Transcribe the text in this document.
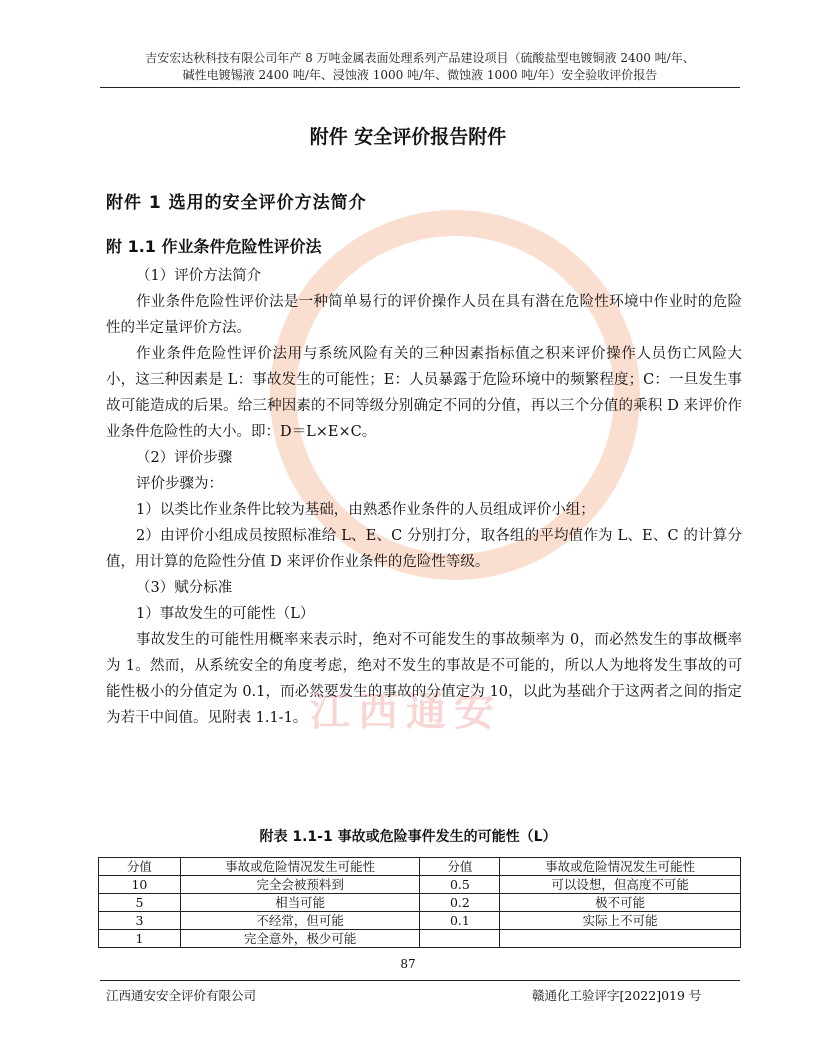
江西通安
吉安宏达秋科技有限公司年产 8 万吨金属表面处理系列产品建设项目（硫酸盐型电镀铜液 2400 吨/年、
碱性电镀锡液 2400 吨/年、浸蚀液 1000 吨/年、微蚀液 1000 吨/年）安全验收评价报告
附件 安全评价报告附件
附件 1 选用的安全评价方法简介
附 1.1 作业条件危险性评价法
（1）评价方法简介
作业条件危险性评价法是一种简单易行的评价操作人员在具有潜在危险性环境中作业时的危险性的半定量评价方法。
作业条件危险性评价法用与系统风险有关的三种因素指标值之积来评价操作人员伤亡风险大小，这三种因素是 L：事故发生的可能性；E：人员暴露于危险环境中的频繁程度；C：一旦发生事故可能造成的后果。给三种因素的不同等级分别确定不同的分值，再以三个分值的乘积 D 来评价作业条件危险性的大小。即：D＝L×E×C。
（2）评价步骤
评价步骤为：
1）以类比作业条件比较为基础，由熟悉作业条件的人员组成评价小组；
2）由评价小组成员按照标准给 L、E、C 分别打分，取各组的平均值作为 L、E、C 的计算分值，用计算的危险性分值 D 来评价作业条件的危险性等级。
（3）赋分标准
1）事故发生的可能性（L）
事故发生的可能性用概率来表示时，绝对不可能发生的事故频率为 0，而必然发生的事故概率为 1。然而，从系统安全的角度考虑，绝对不发生的事故是不可能的，所以人为地将发生事故的可能性极小的分值定为 0.1，而必然要发生的事故的分值定为 10，以此为基础介于这两者之间的指定为若干中间值。见附表 1.1-1。
附表 1.1-1 事故或危险事件发生的可能性（L）
分值	事故或危险情况发生可能性	分值	事故或危险情况发生可能性
10	完全会被预料到	0.5	可以设想，但高度不可能
5	相当可能	0.2	极不可能
3	不经常，但可能	0.1	实际上不可能
1	完全意外，极少可能		
87
江西通安安全评价有限公司	赣通化工验评字[2022]019 号
